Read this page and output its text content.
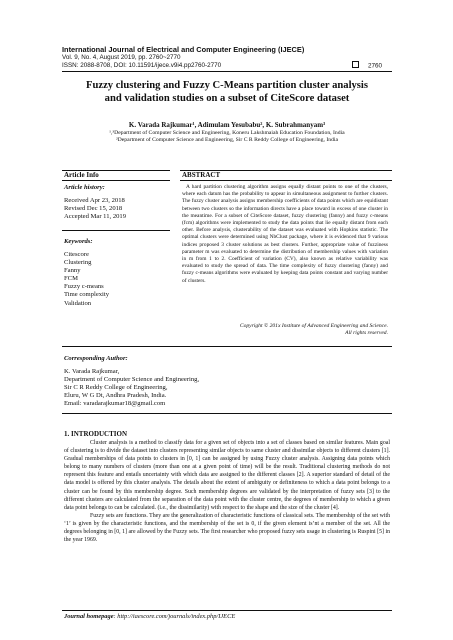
International Journal of Electrical and Computer Engineering (IJECE)
Vol. 9, No. 4, August 2019, pp. 2760~2770
ISSN: 2088-8708, DOI: 10.11591/ijece.v9i4.pp2760-2770	2760
Fuzzy clustering and Fuzzy C-Means partition cluster analysis
and validation studies on a subset of CiteScore dataset
K. Varada Rajkumar¹, Adimulam Yesubabu², K. Subrahmanyam³
¹,³Department of Computer Science and Engineering, Koneru Lakshmaiah Education Foundation, India
²Department of Computer Science and Engineering, Sir C R Reddy College of Engineering, India
Article Info	ABSTRACT
Article history:
Received Apr 23, 2018
Revised Dec 15, 2018
Accepted Mar 11, 2019
Keywords:
Citescore
Clustering
Fanny
FCM
Fuzzy c-means
Time complexity
Validation
A hard partition clustering algorithm assigns equally distant points to one of the clusters, where each datum has the probability to appear in simultaneous assignment to further clusters. The fuzzy cluster analysis assigns membership coefficients of data points which are equidistant between two clusters so the information directs have a place toward in excess of one cluster in the meantime. For a subset of CiteScore dataset, fuzzy clustering (fanny) and fuzzy c-means (fcm) algorithms were implemented to study the data points that lie equally distant from each other. Before analysis, clusterability of the dataset was evaluated with Hopkins statistic. The optimal clusters were determined using NbClust package, where it is evidenced that 9 various indices proposed 3 cluster solutions as best clusters. Further, appropriate value of fuzziness parameter m was evaluated to determine the distribution of membership values with variation in m from 1 to 2. Coefficient of variation (CV), also known as relative variability was evaluated to study the spread of data. The time complexity of fuzzy clustering (fanny) and fuzzy c-means algorithms were evaluated by keeping data points constant and varying number of clusters.
Copyright © 201x Institute of Advanced Engineering and Science.
All rights reserved.
Corresponding Author:
K. Varada Rajkumar,
Department of Computer Science and Engineering,
Sir C R Reddy College of Engineering,
Eluru, W G Dt, Andhra Pradesh, India.
Email: varadarajkumar18@gmail.com
1. INTRODUCTION

Cluster analysis is a method to classify data for a given set of objects into a set of classes based on similar features. Main goal of clustering is to divide the dataset into clusters representing similar objects to same cluster and dissimilar objects to different clusters [1]. Gradual memberships of data points to clusters in [0, 1] can be assigned by using Fuzzy cluster analysis. Assigning data points which belong to many numbers of clusters (more than one at a given point of time) will be the result. Traditional clustering methods do not represent this feature and entails uncertainty with which data are assigned to the different classes [2]. A superior standard of detail of the data model is offered by this cluster analysis. The details about the extent of ambiguity or definiteness to which a data point belongs to a cluster can be found by this membership degree. Such membership degrees are validated by the interpretation of fuzzy sets [3] to the different clusters are calculated from the separation of the data point with the cluster centre, the degrees of membership to which a given data point belongs to can be calculated. (i.e., the dissimilarity) with respect to the shape and the size of the cluster [4].

Fuzzy sets are functions. They are the generalization of characteristic functions of classical sets. The membership of the set with ‘1’ is given by the characteristic functions, and the membership of the set is 0, if the given element is’nt a member of the set. All the degrees belonging in [0, 1] are allowed by the Fuzzy sets. The first researcher who proposed fuzzy sets usage in clustering is Ruspini [5] in the year 1969.

Journal homepage: http://iaescore.com/journals/index.php/IJECE
